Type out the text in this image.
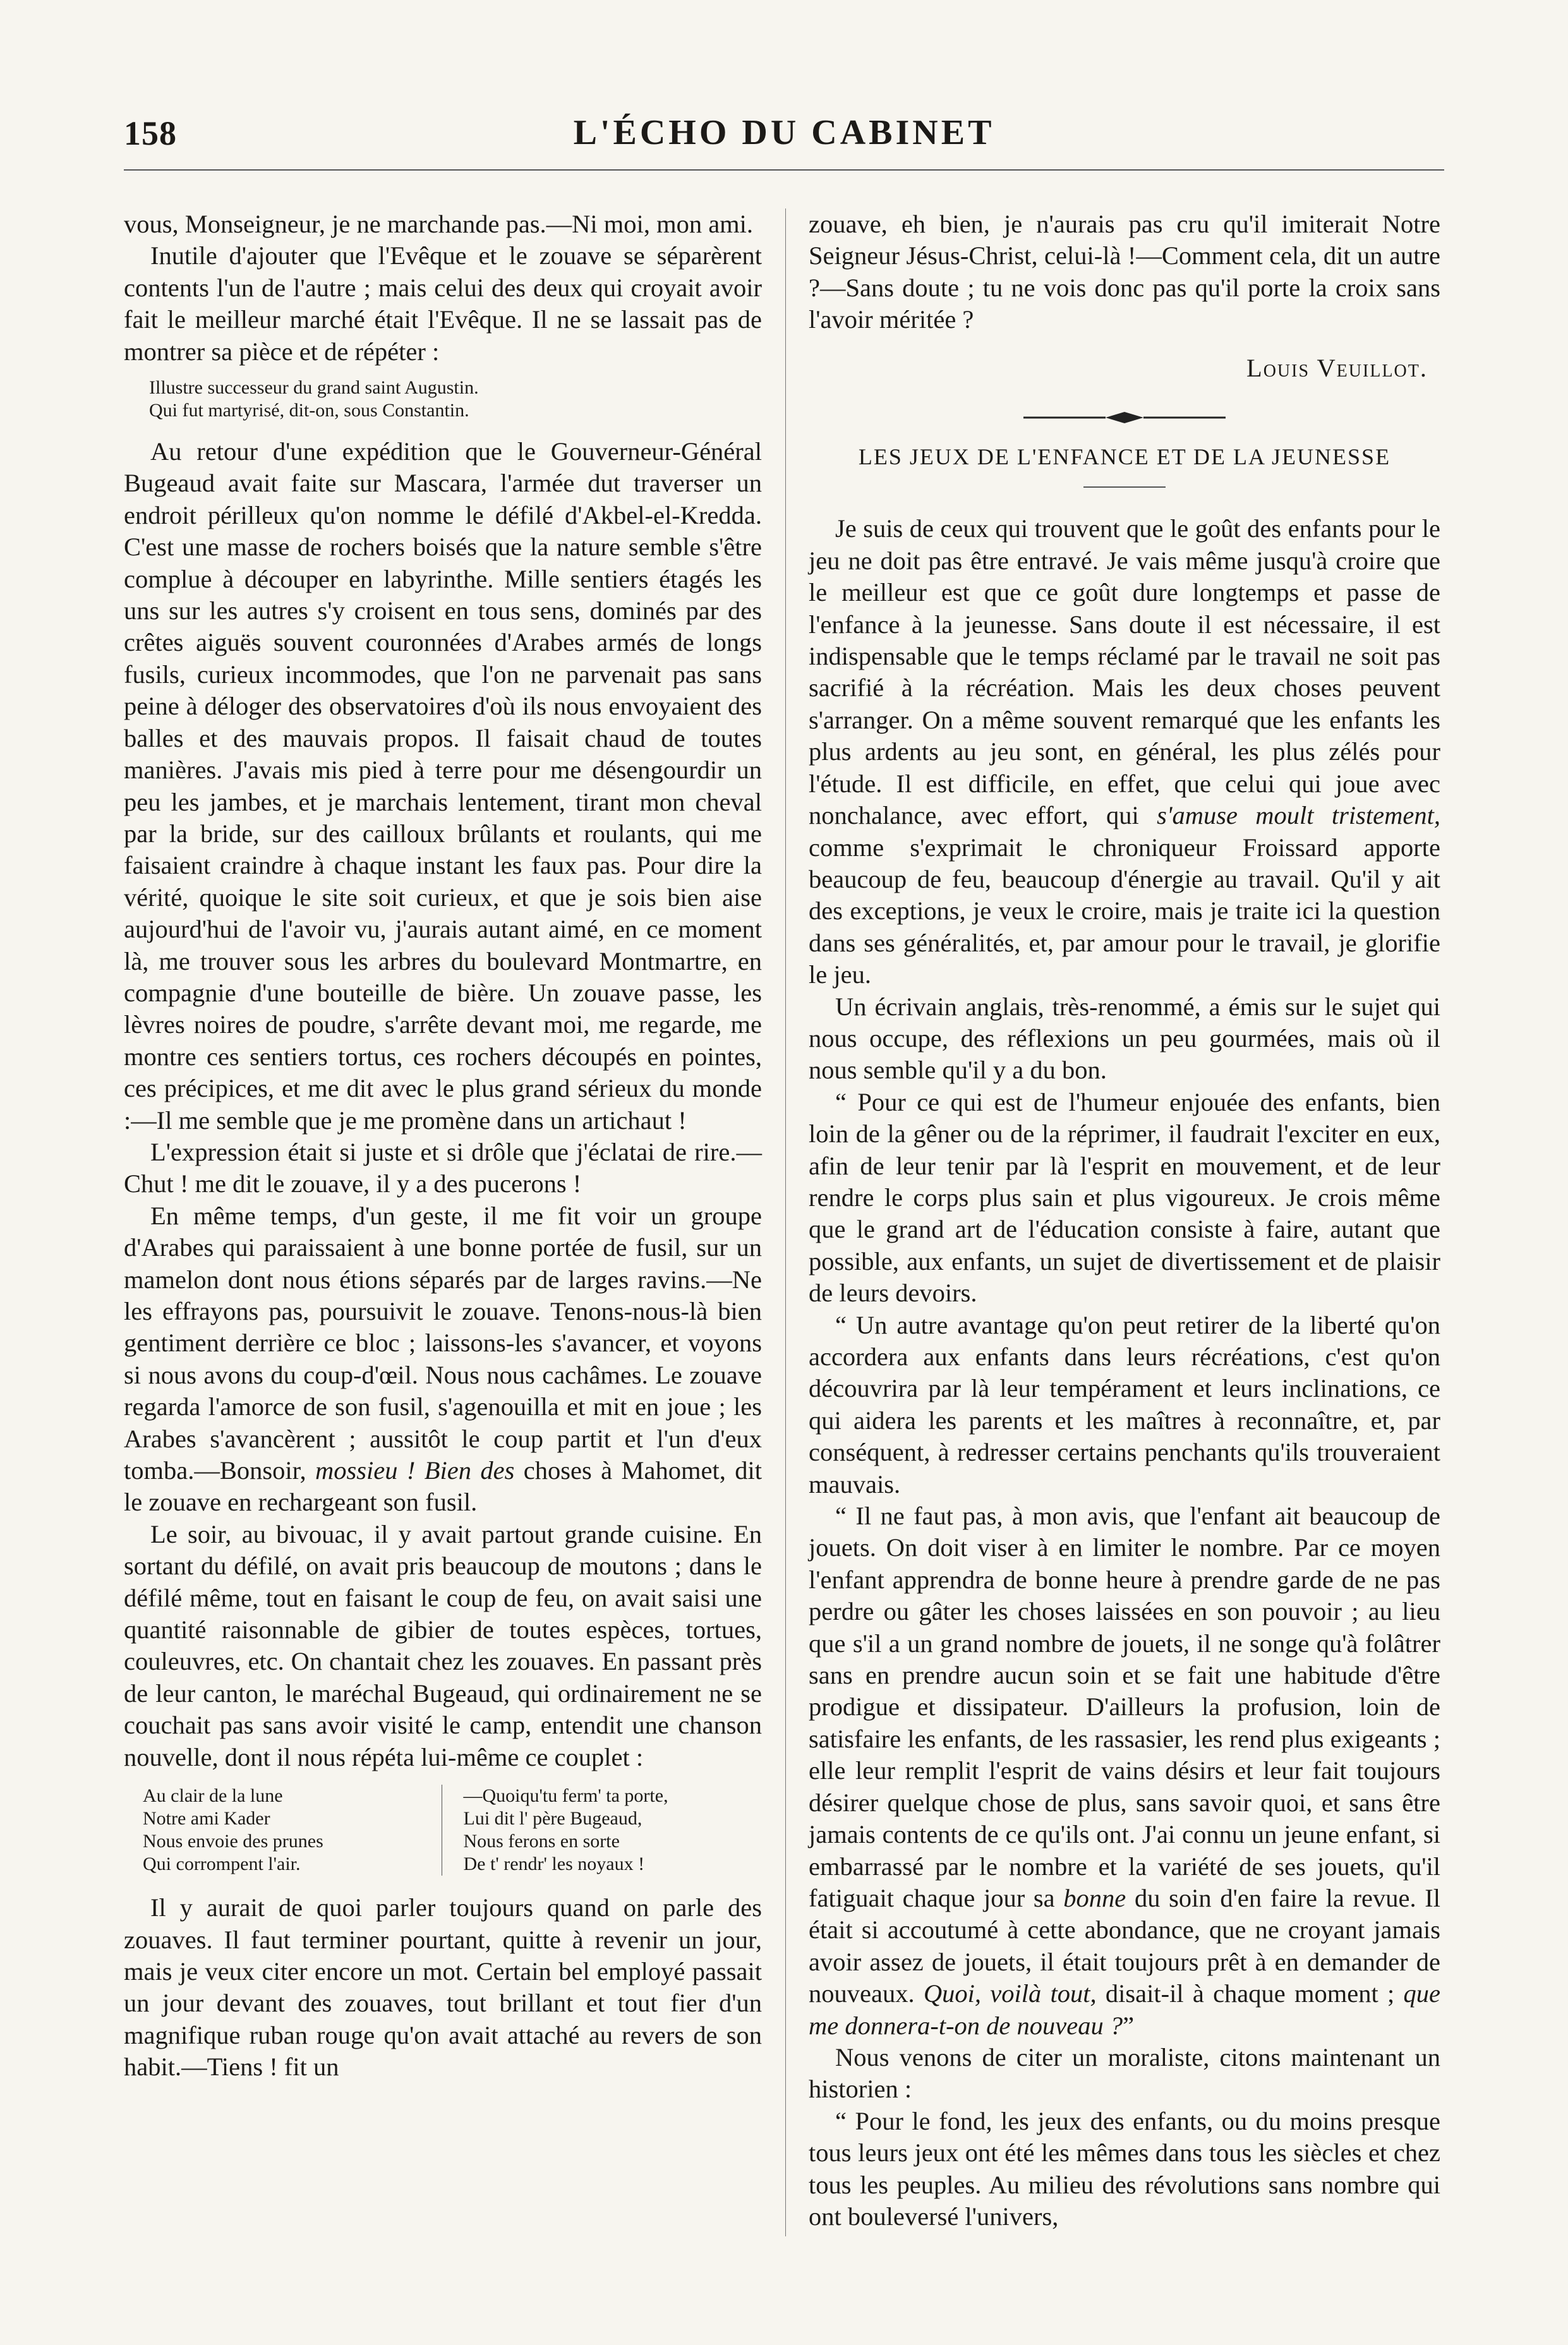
158	L'ÉCHO DU CABINET

vous, Monseigneur, je ne marchande pas.—Ni moi, mon ami.

Inutile d'ajouter que l'Evêque et le zouave se séparèrent contents l'un de l'autre ; mais celui des deux qui croyait avoir fait le meilleur marché était l'Evêque. Il ne se lassait pas de montrer sa pièce et de répéter :

Illustre successeur du grand saint Augustin.
Qui fut martyrisé, dit-on, sous Constantin.

Au retour d'une expédition que le Gouverneur-Général Bugeaud avait faite sur Mascara, l'armée dut traverser un endroit périlleux qu'on nomme le défilé d'Akbel-el-Kredda. C'est une masse de rochers boisés que la nature semble s'être complue à découper en labyrinthe. Mille sentiers étagés les uns sur les autres s'y croisent en tous sens, dominés par des crêtes aiguës souvent couronnées d'Arabes armés de longs fusils, curieux incommodes, que l'on ne parvenait pas sans peine à déloger des observatoires d'où ils nous envoyaient des balles et des mauvais propos. Il faisait chaud de toutes manières. J'avais mis pied à terre pour me désengourdir un peu les jambes, et je marchais lentement, tirant mon cheval par la bride, sur des cailloux brûlants et roulants, qui me faisaient craindre à chaque instant les faux pas. Pour dire la vérité, quoique le site soit curieux, et que je sois bien aise aujourd'hui de l'avoir vu, j'aurais autant aimé, en ce moment là, me trouver sous les arbres du boulevard Montmartre, en compagnie d'une bouteille de bière. Un zouave passe, les lèvres noires de poudre, s'arrête devant moi, me regarde, me montre ces sentiers tortus, ces rochers découpés en pointes, ces précipices, et me dit avec le plus grand sérieux du monde :—Il me semble que je me promène dans un artichaut !

L'expression était si juste et si drôle que j'éclatai de rire.—Chut ! me dit le zouave, il y a des pucerons !

En même temps, d'un geste, il me fit voir un groupe d'Arabes qui paraissaient à une bonne portée de fusil, sur un mamelon dont nous étions séparés par de larges ravins.—Ne les effrayons pas, poursuivit le zouave. Tenons-nous-là bien gentiment derrière ce bloc ; laissons-les s'avancer, et voyons si nous avons du coup-d'œil. Nous nous cachâmes. Le zouave regarda l'amorce de son fusil, s'agenouilla et mit en joue ; les Arabes s'avancèrent ; aussitôt le coup partit et l'un d'eux tomba.—Bonsoir, mossieu ! Bien des choses à Mahomet, dit le zouave en rechargeant son fusil.

Le soir, au bivouac, il y avait partout grande cuisine. En sortant du défilé, on avait pris beaucoup de moutons ; dans le défilé même, tout en faisant le coup de feu, on avait saisi une quantité raisonnable de gibier de toutes espèces, tortues, couleuvres, etc. On chantait chez les zouaves. En passant près de leur canton, le maréchal Bugeaud, qui ordinairement ne se couchait pas sans avoir visité le camp, entendit une chanson nouvelle, dont il nous répéta lui-même ce couplet :

Au clair de la lune
Notre ami Kader
Nous envoie des prunes
Qui corrompent l'air.
—Quoiqu'tu ferm' ta porte,
Lui dit l' père Bugeaud,
Nous ferons en sorte
De t' rendr' les noyaux !

Il y aurait de quoi parler toujours quand on parle des zouaves. Il faut terminer pourtant, quitte à revenir un jour, mais je veux citer encore un mot. Certain bel employé passait un jour devant des zouaves, tout brillant et tout fier d'un magnifique ruban rouge qu'on avait attaché au revers de son habit.—Tiens ! fit un

zouave, eh bien, je n'aurais pas cru qu'il imiterait Notre Seigneur Jésus-Christ, celui-là !—Comment cela, dit un autre ?—Sans doute ; tu ne vois donc pas qu'il porte la croix sans l'avoir méritée ?

Louis Veuillot.

LES JEUX DE L'ENFANCE ET DE LA JEUNESSE

Je suis de ceux qui trouvent que le goût des enfants pour le jeu ne doit pas être entravé. Je vais même jusqu'à croire que le meilleur est que ce goût dure longtemps et passe de l'enfance à la jeunesse. Sans doute il est nécessaire, il est indispensable que le temps réclamé par le travail ne soit pas sacrifié à la récréation. Mais les deux choses peuvent s'arranger. On a même souvent remarqué que les enfants les plus ardents au jeu sont, en général, les plus zélés pour l'étude. Il est difficile, en effet, que celui qui joue avec nonchalance, avec effort, qui s'amuse moult tristement, comme s'exprimait le chroniqueur Froissard apporte beaucoup de feu, beaucoup d'énergie au travail. Qu'il y ait des exceptions, je veux le croire, mais je traite ici la question dans ses généralités, et, par amour pour le travail, je glorifie le jeu.

Un écrivain anglais, très-renommé, a émis sur le sujet qui nous occupe, des réflexions un peu gourmées, mais où il nous semble qu'il y a du bon.

“ Pour ce qui est de l'humeur enjouée des enfants, bien loin de la gêner ou de la réprimer, il faudrait l'exciter en eux, afin de leur tenir par là l'esprit en mouvement, et de leur rendre le corps plus sain et plus vigoureux. Je crois même que le grand art de l'éducation consiste à faire, autant que possible, aux enfants, un sujet de divertissement et de plaisir de leurs devoirs.

“ Un autre avantage qu'on peut retirer de la liberté qu'on accordera aux enfants dans leurs récréations, c'est qu'on découvrira par là leur tempérament et leurs inclinations, ce qui aidera les parents et les maîtres à reconnaître, et, par conséquent, à redresser certains penchants qu'ils trouveraient mauvais.

“ Il ne faut pas, à mon avis, que l'enfant ait beaucoup de jouets. On doit viser à en limiter le nombre. Par ce moyen l'enfant apprendra de bonne heure à prendre garde de ne pas perdre ou gâter les choses laissées en son pouvoir ; au lieu que s'il a un grand nombre de jouets, il ne songe qu'à folâtrer sans en prendre aucun soin et se fait une habitude d'être prodigue et dissipateur. D'ailleurs la profusion, loin de satisfaire les enfants, de les rassasier, les rend plus exigeants ; elle leur remplit l'esprit de vains désirs et leur fait toujours désirer quelque chose de plus, sans savoir quoi, et sans être jamais contents de ce qu'ils ont. J'ai connu un jeune enfant, si embarrassé par le nombre et la variété de ses jouets, qu'il fatiguait chaque jour sa bonne du soin d'en faire la revue. Il était si accoutumé à cette abondance, que ne croyant jamais avoir assez de jouets, il était toujours prêt à en demander de nouveaux. Quoi, voilà tout, disait-il à chaque moment ; que me donnera-t-on de nouveau ?”

Nous venons de citer un moraliste, citons maintenant un historien :

“ Pour le fond, les jeux des enfants, ou du moins presque tous leurs jeux ont été les mêmes dans tous les siècles et chez tous les peuples. Au milieu des révolutions sans nombre qui ont bouleversé l'univers,
